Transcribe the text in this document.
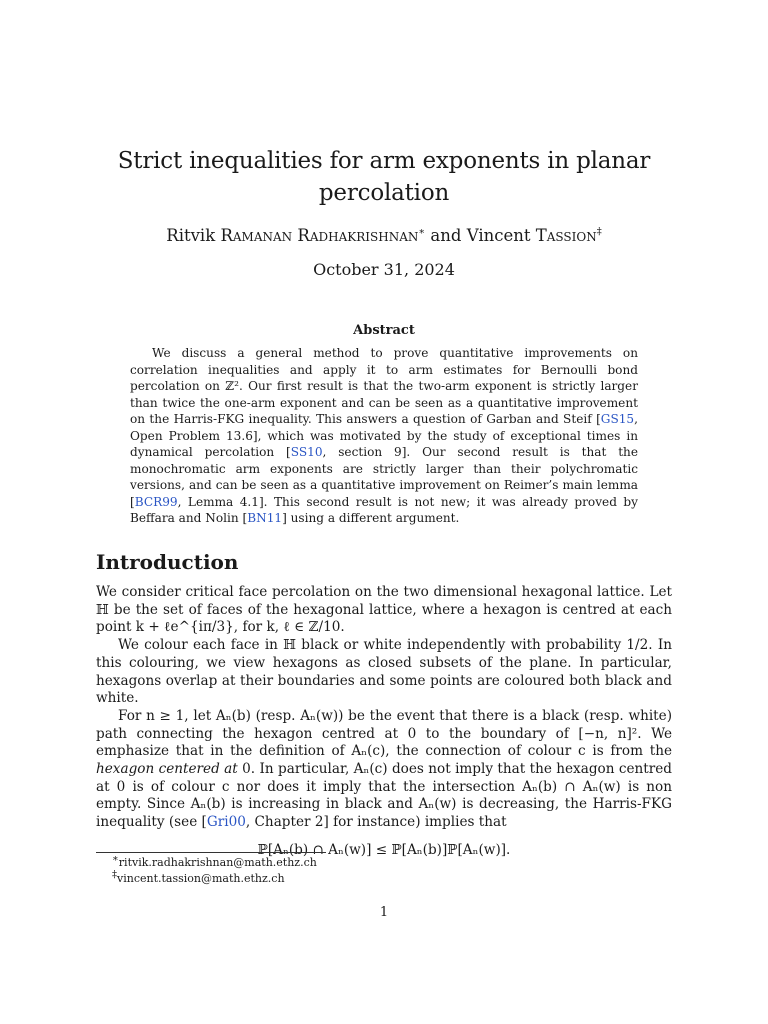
Strict inequalities for arm exponents in planar
percolation
Ritvik Ramanan Radhakrishnan∗ and Vincent Tassion‡
October 31, 2024
Abstract
We discuss a general method to prove quantitative improvements on correlation inequalities and apply it to arm estimates for Bernoulli bond percolation on ℤ². Our first result is that the two-arm exponent is strictly larger than twice the one-arm exponent and can be seen as a quantitative improvement on the Harris-FKG inequality. This answers a question of Garban and Steif [GS15, Open Problem 13.6], which was motivated by the study of exceptional times in dynamical percolation [SS10, section 9]. Our second result is that the monochromatic arm exponents are strictly larger than their polychromatic versions, and can be seen as a quantitative improvement on Reimer’s main lemma [BCR99, Lemma 4.1]. This second result is not new; it was already proved by Beffara and Nolin [BN11] using a different argument.
Introduction

We consider critical face percolation on the two dimensional hexagonal lattice. Let ℍ be the set of faces of the hexagonal lattice, where a hexagon is centred at each point k + ℓe^{iπ/3}, for k, ℓ ∈ ℤ/10.

We colour each face in ℍ black or white independently with probability 1/2. In this colouring, we view hexagons as closed subsets of the plane. In particular, hexagons overlap at their boundaries and some points are coloured both black and white.

For n ≥ 1, let Aₙ(b) (resp. Aₙ(w)) be the event that there is a black (resp. white) path connecting the hexagon centred at 0 to the boundary of [−n, n]². We emphasize that in the definition of Aₙ(c), the connection of colour c is from the hexagon centered at 0. In particular, Aₙ(c) does not imply that the hexagon centred at 0 is of colour c nor does it imply that the intersection Aₙ(b) ∩ Aₙ(w) is non empty. Since Aₙ(b) is increasing in black and Aₙ(w) is decreasing, the Harris-FKG inequality (see [Gri00, Chapter 2] for instance) implies that

ℙ[Aₙ(b) ∩ Aₙ(w)] ≤ ℙ[Aₙ(b)]ℙ[Aₙ(w)].
∗ritvik.radhakrishnan@math.ethz.ch
‡vincent.tassion@math.ethz.ch
1
